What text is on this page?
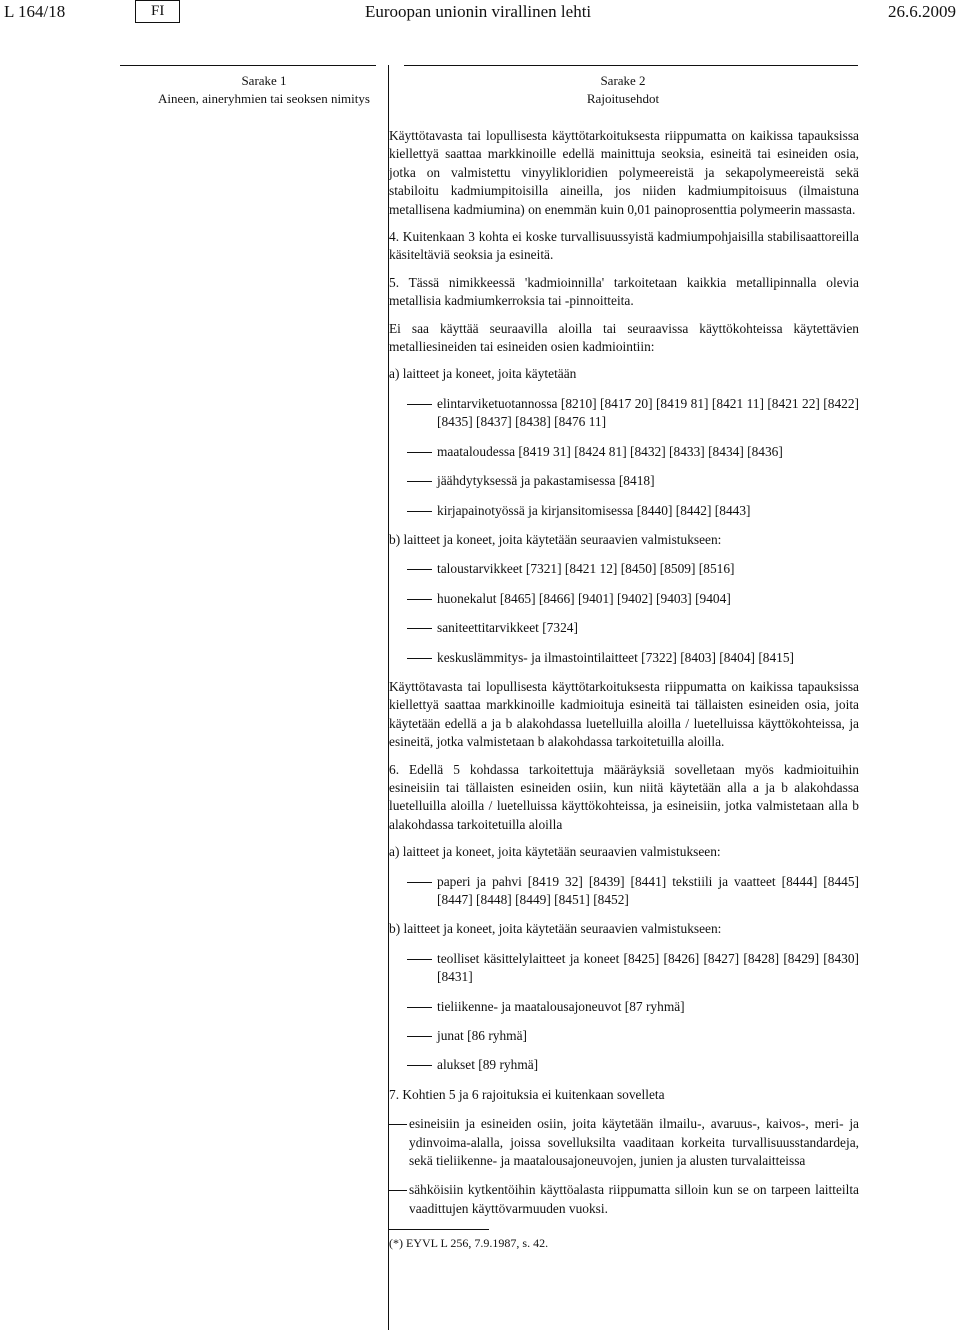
L 164/18	FI	Euroopan unionin virallinen lehti	26.6.2009
Sarake 1
Aineen, aineryhmien tai seoksen nimitys
Sarake 2
Rajoitusehdot

Käyttötavasta tai lopullisesta käyttötarkoituksesta riippumatta on kaikissa tapauksissa kiellettyä saattaa markkinoille edellä mainittuja seoksia, esineitä tai esineiden osia, jotka on valmistettu vinyylikloridien polymeereistä ja sekapolymeereistä sekä stabiloitu kadmiumpitoisilla aineilla, jos niiden kadmiumpitoisuus (ilmaistuna metallisena kadmiumina) on enemmän kuin 0,01 painoprosenttia polymeerin massasta.

4. Kuitenkaan 3 kohta ei koske turvallisuussyistä kadmiumpohjaisilla stabilisaattoreilla käsiteltäviä seoksia ja esineitä.

5. Tässä nimikkeessä 'kadmioinnilla' tarkoitetaan kaikkia metallipinnalla olevia metallisia kadmiumkerroksia tai -pinnoitteita.

Ei saa käyttää seuraavilla aloilla tai seuraavissa käyttökohteissa käytettävien metalliesineiden tai esineiden osien kadmiointiin:

a) laitteet ja koneet, joita käytetään

elintarviketuotannossa [8210] [8417 20] [8419 81] [8421 11] [8421 22] [8422] [8435] [8437] [8438] [8476 11]
maataloudessa [8419 31] [8424 81] [8432] [8433] [8434] [8436]
jäähdytyksessä ja pakastamisessa [8418]
kirjapainotyössä ja kirjansitomisessa [8440] [8442] [8443]

b) laitteet ja koneet, joita käytetään seuraavien valmistukseen:

taloustarvikkeet [7321] [8421 12] [8450] [8509] [8516]
huonekalut [8465] [8466] [9401] [9402] [9403] [9404]
saniteettitarvikkeet [7324]
keskuslämmitys- ja ilmastointilaitteet [7322] [8403] [8404] [8415]

Käyttötavasta tai lopullisesta käyttötarkoituksesta riippumatta on kaikissa tapauksissa kiellettyä saattaa markkinoille kadmioituja esineitä tai tällaisten esineiden osia, joita käytetään edellä a ja b alakohdassa luetelluilla aloilla / luetelluissa käyttökohteissa, ja esineitä, jotka valmistetaan b alakohdassa tarkoitetuilla aloilla.

6. Edellä 5 kohdassa tarkoitettuja määräyksiä sovelletaan myös kadmioituihin esineisiin tai tällaisten esineiden osiin, kun niitä käytetään alla a ja b alakohdassa luetelluilla aloilla / luetelluissa käyttökohteissa, ja esineisiin, jotka valmistetaan alla b alakohdassa tarkoitetuilla aloilla

a) laitteet ja koneet, joita käytetään seuraavien valmistukseen:

paperi ja pahvi [8419 32] [8439] [8441] tekstiili ja vaatteet [8444] [8445] [8447] [8448] [8449] [8451] [8452]

b) laitteet ja koneet, joita käytetään seuraavien valmistukseen:

teolliset käsittelylaitteet ja koneet [8425] [8426] [8427] [8428] [8429] [8430] [8431]
tieliikenne- ja maatalousajoneuvot [87 ryhmä]
junat [86 ryhmä]
alukset [89 ryhmä]

7. Kohtien 5 ja 6 rajoituksia ei kuitenkaan sovelleta

esineisiin ja esineiden osiin, joita käytetään ilmailu-, avaruus-, kaivos-, meri- ja ydinvoima-alalla, joissa sovelluksilta vaaditaan korkeita turvallisuusstandardeja, sekä tieliikenne- ja maatalousajoneuvojen, junien ja alusten turvalaitteissa
sähköisiin kytkentöihin käyttöalasta riippumatta silloin kun se on tarpeen laitteilta vaadittujen käyttövarmuuden vuoksi.

(*) EYVL L 256, 7.9.1987, s. 42.
